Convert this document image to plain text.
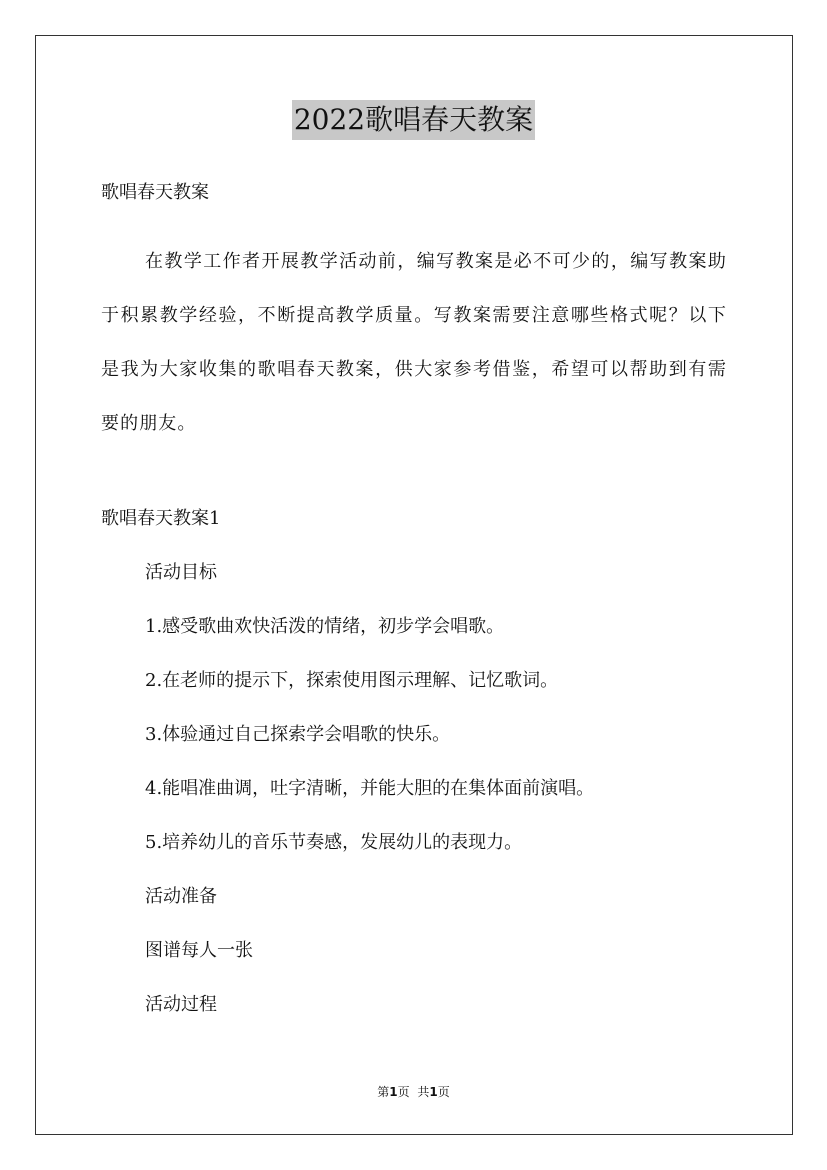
2022歌唱春天教案
歌唱春天教案
在教学工作者开展教学活动前，编写教案是必不可少的，编写教案助于积累教学经验，不断提高教学质量。写教案需要注意哪些格式呢？以下是我为大家收集的歌唱春天教案，供大家参考借鉴，希望可以帮助到有需要的朋友。
歌唱春天教案1
活动目标
1.感受歌曲欢快活泼的情绪，初步学会唱歌。
2.在老师的提示下，探索使用图示理解、记忆歌词。
3.体验通过自己探索学会唱歌的快乐。
4.能唱准曲调，吐字清晰，并能大胆的在集体面前演唱。
5.培养幼儿的音乐节奏感，发展幼儿的表现力。
活动准备
图谱每人一张
活动过程
第1页 共1页
